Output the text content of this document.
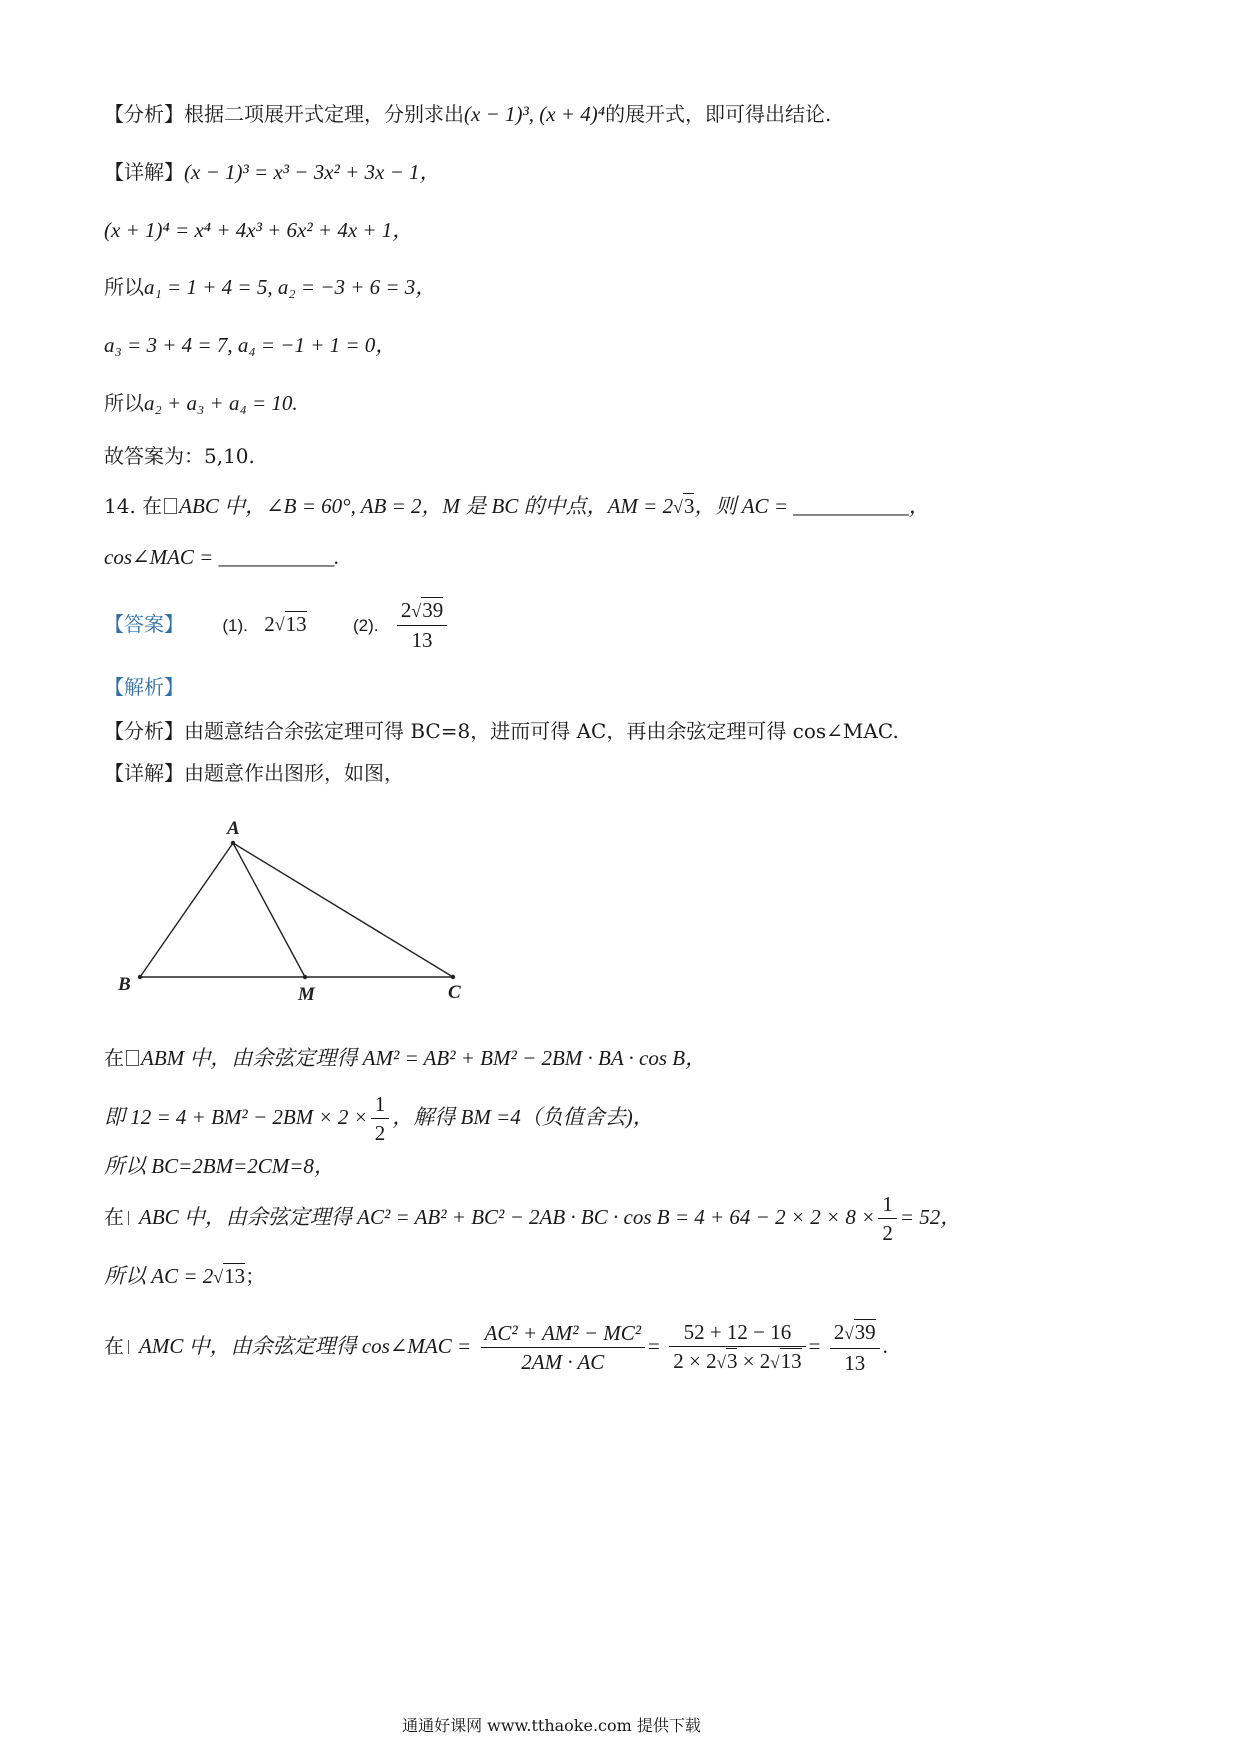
【分析】根据二项展开式定理，分别求出(x − 1)³, (x + 4)⁴的展开式，即可得出结论.
【详解】(x − 1)³ = x³ − 3x² + 3x − 1，
(x + 1)⁴ = x⁴ + 4x³ + 6x² + 4x + 1，
所以a₁ = 1 + 4 = 5, a₂ = −3 + 6 = 3，
a₃ = 3 + 4 = 7, a₄ = −1 + 1 = 0，
所以a₂ + a₃ + a₄ = 10.
故答案为：5,10.
14. 在 ABC 中，∠B = 60°, AB = 2，M 是 BC 的中点，AM = 2√3，则 AC = ___________，
cos∠MAC = ___________.
【答案】 (1). 2√13	(2). $\frac{2√39}{13}$
【解析】
【分析】由题意结合余弦定理可得 BC=8，进而可得 AC，再由余弦定理可得 cos∠MAC.
【详解】由题意作出图形，如图，
A
B	M	C
在 ABM 中，由余弦定理得 AM² = AB² + BM² − 2BM · BA · cos B，
即 $12 = 4 + BM^2 - 2BM \times 2 \times \frac{1}{2}$ ，解得 BM =4（负值舍去)，
所以 BC=2BM=2CM=8，
在 ABC 中，由余弦定理得 AC² = AB² + BC² − 2AB · BC · $\cos B = 4 + 64 - 2 \times 2 \times 8 \times \frac{1}{2} = 52$，
所以 AC = 2√13；
在 AMC 中，由余弦定理得 cos∠MAC = $\frac{\text{AC² + AM² − MC²}}{2AM \cdot AC} = \frac{52 + 12 - 16}{2 \times 2√3 \times 2√13} = \frac{2√39}{13}$ .
通通好课网 www.tthaoke.com 提供下载
